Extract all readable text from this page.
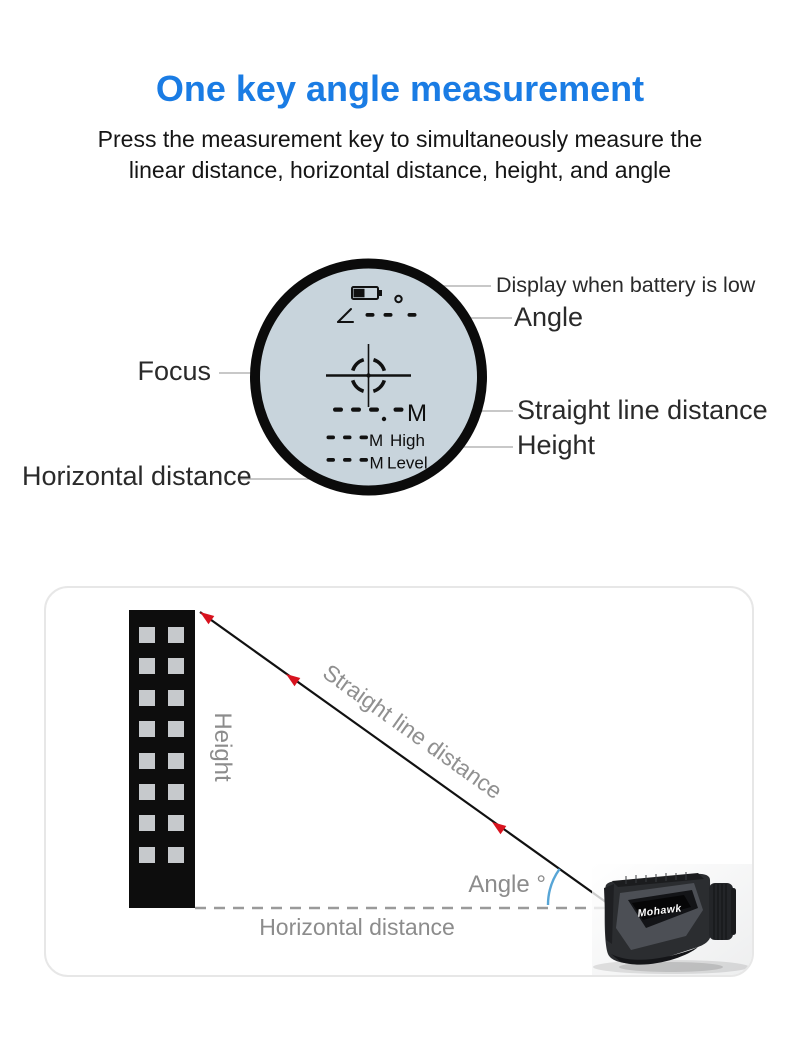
One key angle measurement
Press the measurement key to simultaneously measure the
linear distance, horizontal distance, height, and angle
M
M High
M Level
Display when battery is low
Angle
Focus
Straight line distance
Height
Horizontal distance
Height	Straight line distance
Angle °
Horizontal distance
Mohawk
